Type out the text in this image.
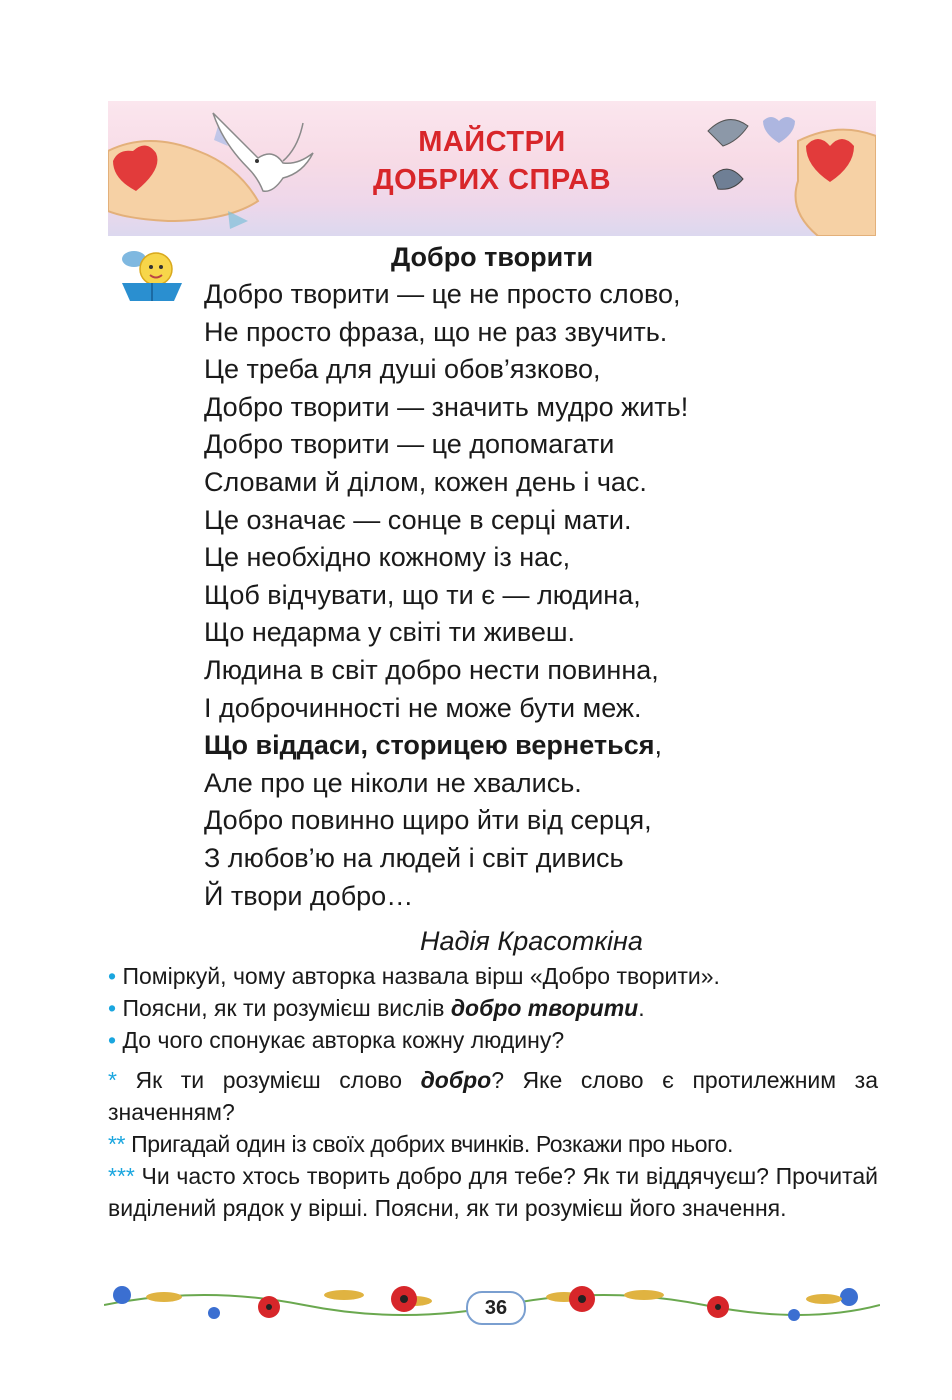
МАЙСТРИ
ДОБРИХ СПРАВ
Добро творити
Добро творити — це не просто слово,
Не просто фраза, що не раз звучить.
Це треба для душі обов’язково,
Добро творити — значить мудро жить!
Добро творити — це допомагати
Словами й ділом, кожен день і час.
Це означає — сонце в серці мати.
Це необхідно кожному із нас,
Щоб відчувати, що ти є — людина,
Що недарма у світі ти живеш.
Людина в світ добро нести повинна,
І доброчинності не може бути меж.
Що віддаси, сторицею вернеться,
Але про це ніколи не хвались.
Добро повинно щиро йти від серця,
З любов’ю на людей і світ дивись
Й твори добро…
Надія Красоткіна
• Поміркуй, чому авторка назвала вірш «Добро творити».
• Поясни, як ти розумієш вислів добро творити.
• До чого спонукає авторка кожну людину?
* Як ти розумієш слово добро? Яке слово є протилежним за значенням?
** Пригадай один із своїх добрих вчинків. Розкажи про нього.
*** Чи часто хтось творить добро для тебе? Як ти віддячуєш? Прочитай виділений рядок у вірші. Поясни, як ти розумієш його значення.
36
